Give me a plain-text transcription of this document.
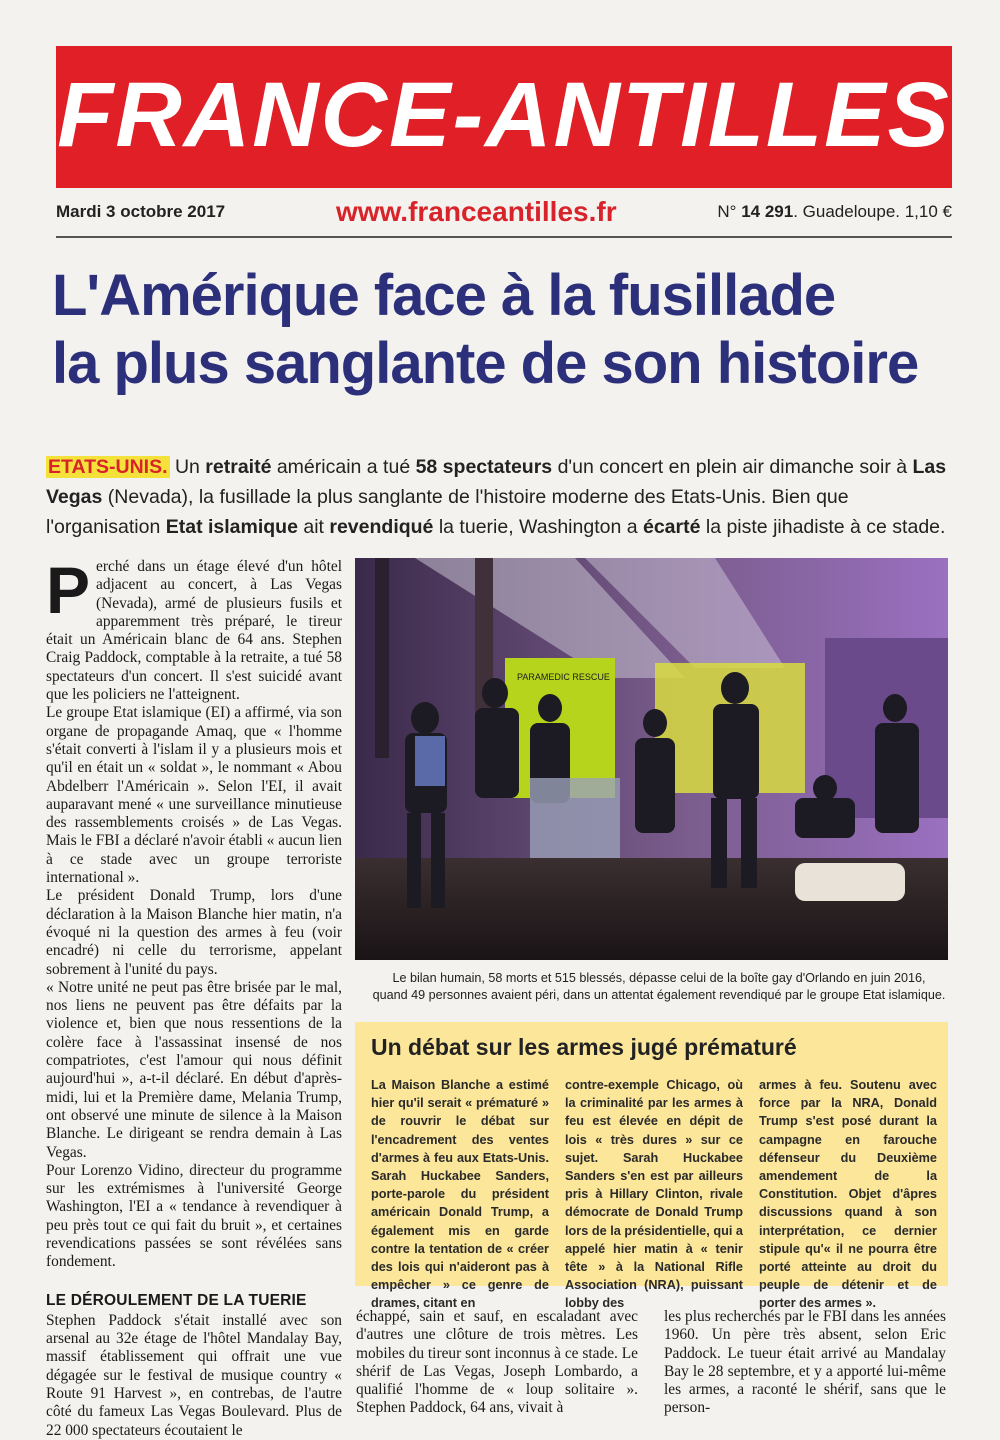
FRANCE-ANTILLES
Mardi 3 octobre 2017	www.franceantilles.fr	N° 14 291. Guadeloupe. 1,10 €
L'Amérique face à la fusillade
la plus sanglante de son histoire
ETATS-UNIS. Un retraité américain a tué 58 spectateurs d'un concert en plein air dimanche soir à Las Vegas (Nevada), la fusillade la plus sanglante de l'histoire moderne des Etats-Unis. Bien que l'organisation Etat islamique ait revendiqué la tuerie, Washington a écarté la piste jihadiste à ce stade.

Perché dans un étage élevé d'un hôtel adjacent au concert, à Las Vegas (Nevada), armé de plusieurs fusils et apparemment très préparé, le tireur était un Américain blanc de 64 ans. Stephen Craig Paddock, comptable à la retraite, a tué 58 spectateurs d'un concert. Il s'est suicidé avant que les policiers ne l'atteignent.

Le groupe Etat islamique (EI) a affirmé, via son organe de propagande Amaq, que « l'homme s'était converti à l'islam il y a plusieurs mois et qu'il en était un « soldat », le nommant « Abou Abdelberr l'Américain ». Selon l'EI, il avait auparavant mené « une surveillance minutieuse des rassemblements croisés » de Las Vegas. Mais le FBI a déclaré n'avoir établi « aucun lien à ce stade avec un groupe terroriste international ».

Le président Donald Trump, lors d'une déclaration à la Maison Blanche hier matin, n'a évoqué ni la question des armes à feu (voir encadré) ni celle du terrorisme, appelant sobrement à l'unité du pays.

« Notre unité ne peut pas être brisée par le mal, nos liens ne peuvent pas être défaits par la violence et, bien que nous ressentions de la colère face à l'assassinat insensé de nos compatriotes, c'est l'amour qui nous définit aujourd'hui », a-t-il déclaré. En début d'après-midi, lui et la Première dame, Melania Trump, ont observé une minute de silence à la Maison Blanche. Le dirigeant se rendra demain à Las Vegas.

Pour Lorenzo Vidino, directeur du programme sur les extrémismes à l'université George Washington, l'EI a « tendance à revendiquer à peu près tout ce qui fait du bruit », et certaines revendications passées se sont révélées sans fondement.

LE DÉROULEMENT DE LA TUERIE

Stephen Paddock s'était installé avec son arsenal au 32e étage de l'hôtel Mandalay Bay, massif établissement qui offrait une vue dégagée sur le festival de musique country « Route 91 Harvest », en contrebas, de l'autre côté du fameux Las Vegas Boulevard. Plus de 22 000 spectateurs écoutaient le

PARAMEDIC RESCUE
Le bilan humain, 58 morts et 515 blessés, dépasse celui de la boîte gay d'Orlando en juin 2016,
quand 49 personnes avaient péri, dans un attentat également revendiqué par le groupe Etat islamique.
Un débat sur les armes jugé prématuré
La Maison Blanche a estimé hier qu'il serait « prématuré » de rouvrir le débat sur l'encadrement des ventes d'armes à feu aux Etats-Unis. Sarah Huckabee Sanders, porte-parole du président américain Donald Trump, a également mis en garde contre la tentation de « créer des lois qui n'aideront pas à empêcher » ce genre de drames, citant en
contre-exemple Chicago, où la criminalité par les armes à feu est élevée en dépit de lois « très dures » sur ce sujet. Sarah Huckabee Sanders s'en est par ailleurs pris à Hillary Clinton, rivale démocrate de Donald Trump lors de la présidentielle, qui a appelé hier matin à « tenir tête » à la National Rifle Association (NRA), puissant lobby des
armes à feu. Soutenu avec force par la NRA, Donald Trump s'est posé durant la campagne en farouche défenseur du Deuxième amendement de la Constitution. Objet d'âpres discussions quand à son interprétation, ce dernier stipule qu'« il ne pourra être porté atteinte au droit du peuple de détenir et de porter des armes ».
échappé, sain et sauf, en escaladant avec d'autres une clôture de trois mètres. Les mobiles du tireur sont inconnus à ce stade. Le shérif de Las Vegas, Joseph Lombardo, a qualifié l'homme de « loup solitaire ». Stephen Paddock, 64 ans, vivait à
les plus recherchés par le FBI dans les années 1960. Un père très absent, selon Eric Paddock. Le tueur était arrivé au Mandalay Bay le 28 septembre, et y a apporté lui-même les armes, a raconté le shérif, sans que le person-
